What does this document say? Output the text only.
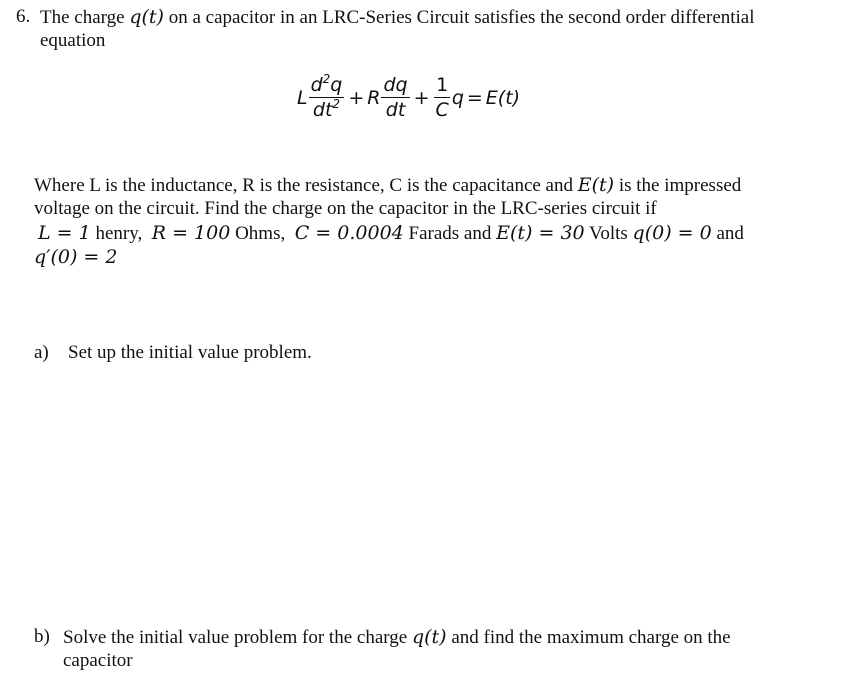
6. The charge q(t) on a capacitor in an LRC-Series Circuit satisfies the second order differential
equation
L $\frac{d^2q}{dt^2} + R \frac{dq}{dt} + \frac{1}{C}$ q = E(t)
Where L is the inductance, R is the resistance, C is the capacitance and E(t) is the impressed
voltage on the circuit. Find the charge on the capacitor in the LRC-series circuit if
L = 1 henry, R = 100 Ohms, C = 0.0004 Farads and E(t) = 30 Volts q(0) = 0 and
q′(0) = 2
a) Set up the initial value problem.
b) Solve the initial value problem for the charge q(t) and find the maximum charge on the
capacitor
